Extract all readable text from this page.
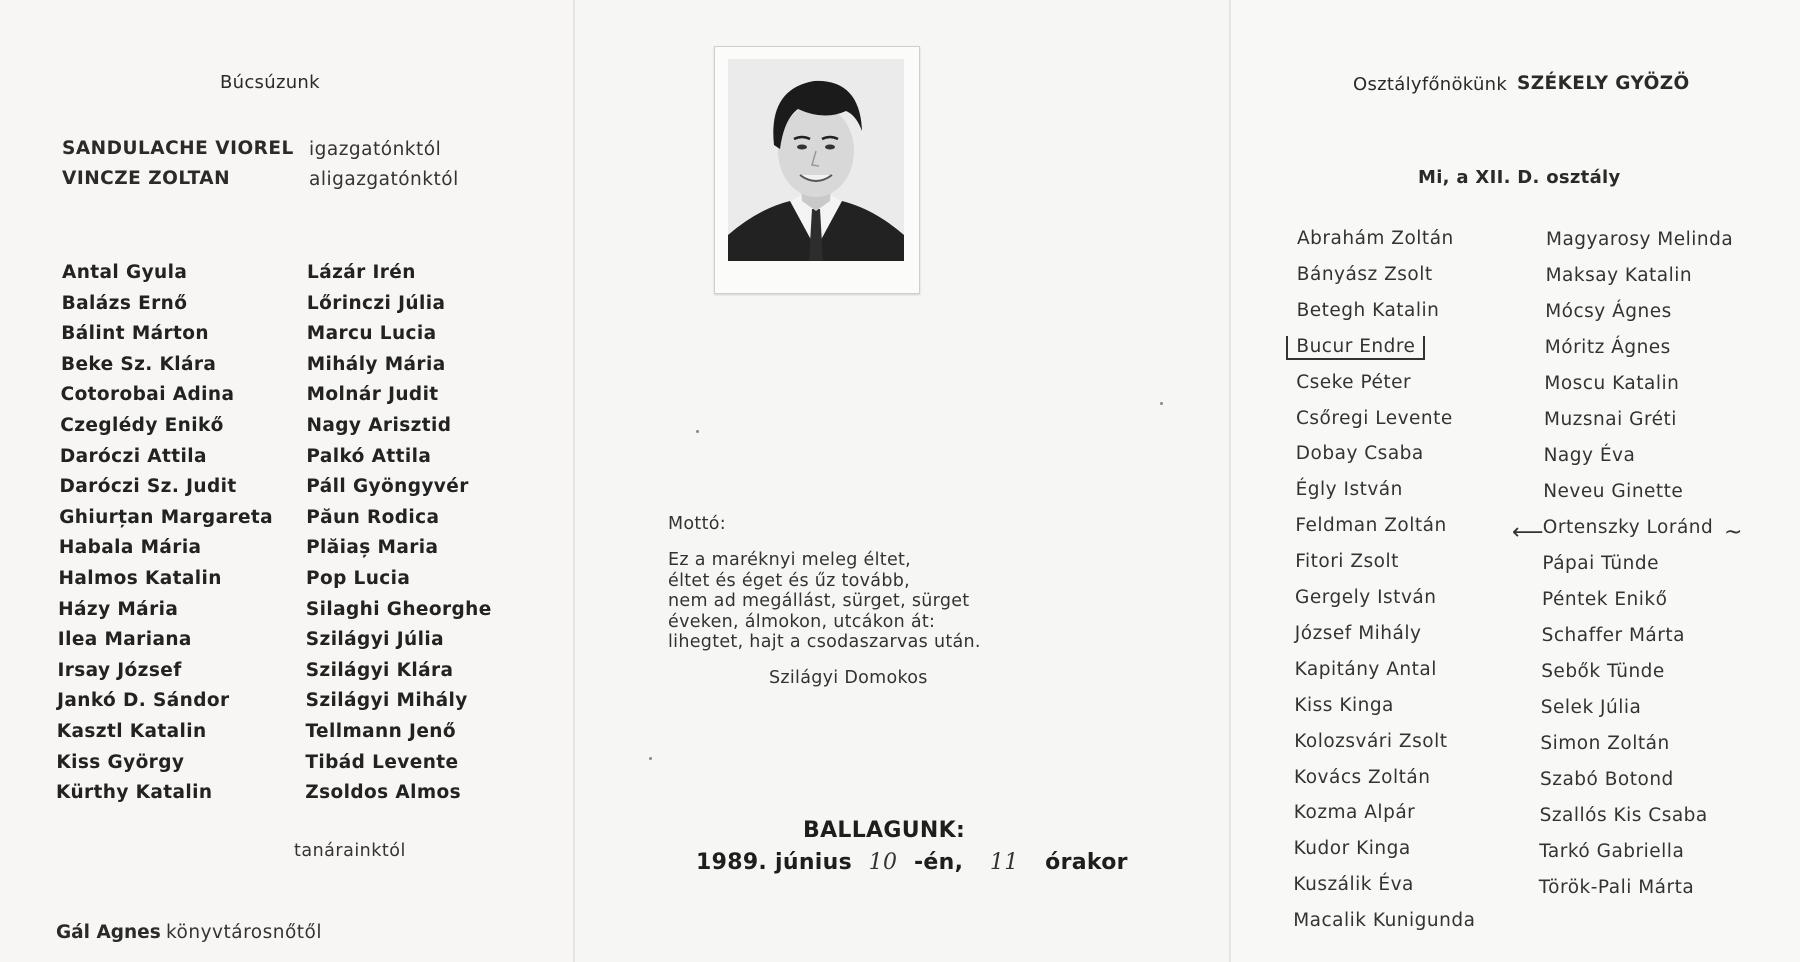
Búcsúzunk
SANDULACHE VIOREL igazgatónktól
VINCZE ZOLTAN	aligazgatónktól
Antal Gyula
Balázs Ernő
Bálint Márton
Beke Sz. Klára
Cotorobai Adina
Czeglédy Enikő
Daróczi Attila
Daróczi Sz. Judit
Ghiurțan Margareta
Habala Mária
Halmos Katalin
Házy Mária
Ilea Mariana
Irsay József
Jankó D. Sándor
Kasztl Katalin
Kiss György
Kürthy Katalin
Lázár Irén
Lőrinczi Júlia
Marcu Lucia
Mihály Mária
Molnár Judit
Nagy Arisztid
Palkó Attila
Páll Gyöngyvér
Păun Rodica
Plăiaș Maria
Pop Lucia
Silaghi Gheorghe
Szilágyi Júlia
Szilágyi Klára
Szilágyi Mihály
Tellmann Jenő
Tibád Levente
Zsoldos Almos
tanárainktól
Gál Agnes könyvtárosnőtől
Mottó:
Ez a maréknyi meleg éltet,
éltet és éget és űz tovább,
nem ad megállást, sürget, sürget
éveken, álmokon, utcákon át:
lihegtet, hajt a csodaszarvas után.
Szilágyi Domokos
BALLAGUNK:
1989. június 10 -én, 11 órakor
Osztályfőnökünk SZÉKELY GYÖZÖ
Mi, a XII. D. osztály
Abrahám Zoltán
Bányász Zsolt
Betegh Katalin
Bucur Endre
Cseke Péter
Csőregi Levente
Dobay Csaba
Égly István
Feldman Zoltán
Fitori Zsolt
Gergely István
József Mihály
Kapitány Antal
Kiss Kinga
Kolozsvári Zsolt
Kovács Zoltán
Kozma Alpár
Kudor Kinga
Kuszálik Éva
Macalik Kunigunda
Magyarosy Melinda
Maksay Katalin
Mócsy Ágnes
Móritz Ágnes
Moscu Katalin
Muzsnai Gréti
Nagy Éva
Neveu Ginette
Ortenszky Loránd
Pápai Tünde
Péntek Enikő
Schaffer Márta
Sebők Tünde
Selek Júlia
Simon Zoltán
Szabó Botond
Szallós Kis Csaba
Tarkó Gabriella
Török-Pali Márta
⟵	~
